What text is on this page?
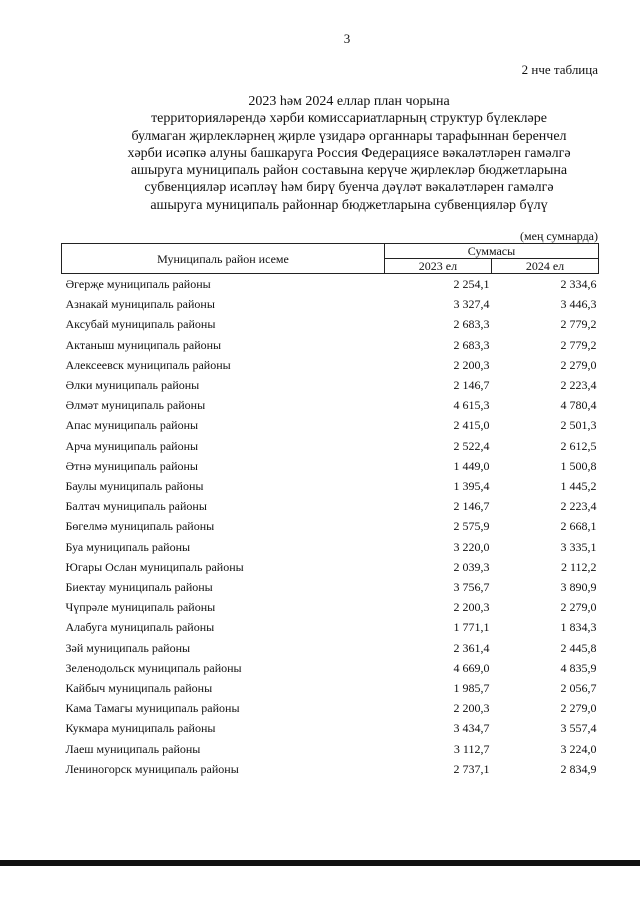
3
2 нче таблица
2023 һәм 2024 еллар план чорына
территорияләрендә хәрби комиссариатларның структур бүлекләре
булмаган җирлекләрнең җирле үзидарә органнары тарафыннан беренчел
хәрби исәпкә алуны башкаруга Россия Федерациясе вәкаләтләрен гамәлгә
ашыруга муниципаль район составына керүче җирлекләр бюджетларына
субвенцияләр исәплəү һәм бирү буенча дәүләт вәкаләтләрен гамәлгә
ашыруга муниципаль районнар бюджетларына субвенцияләр бүлү
(мең сумнарда)
Муниципаль район исеме	Суммасы	
	2023 ел	2024 ел
Әгерҗе муниципаль районы	2 254,1	2 334,6
Азнакай муниципаль районы	3 327,4	3 446,3
Аксубай муниципаль районы	2 683,3	2 779,2
Актаныш муниципаль районы	2 683,3	2 779,2
Алексеевск муниципаль районы	2 200,3	2 279,0
Әлки муниципаль районы	2 146,7	2 223,4
Әлмәт муниципаль районы	4 615,3	4 780,4
Апас муниципаль районы	2 415,0	2 501,3
Арча муниципаль районы	2 522,4	2 612,5
Әтнә муниципаль районы	1 449,0	1 500,8
Баулы муниципаль районы	1 395,4	1 445,2
Балтач муниципаль районы	2 146,7	2 223,4
Бөгелмә муниципаль районы	2 575,9	2 668,1
Буа муниципаль районы	3 220,0	3 335,1
Югары Ослан муниципаль районы	2 039,3	2 112,2
Биектау муниципаль районы	3 756,7	3 890,9
Чүпрәле муниципаль районы	2 200,3	2 279,0
Алабуга муниципаль районы	1 771,1	1 834,3
Зәй муниципаль районы	2 361,4	2 445,8
Зеленодольск муниципаль районы	4 669,0	4 835,9
Кайбыч муниципаль районы	1 985,7	2 056,7
Кама Тамагы муниципаль районы	2 200,3	2 279,0
Кукмара муниципаль районы	3 434,7	3 557,4
Лаеш муниципаль районы	3 112,7	3 224,0
Лениногорск муниципаль районы	2 737,1	2 834,9
